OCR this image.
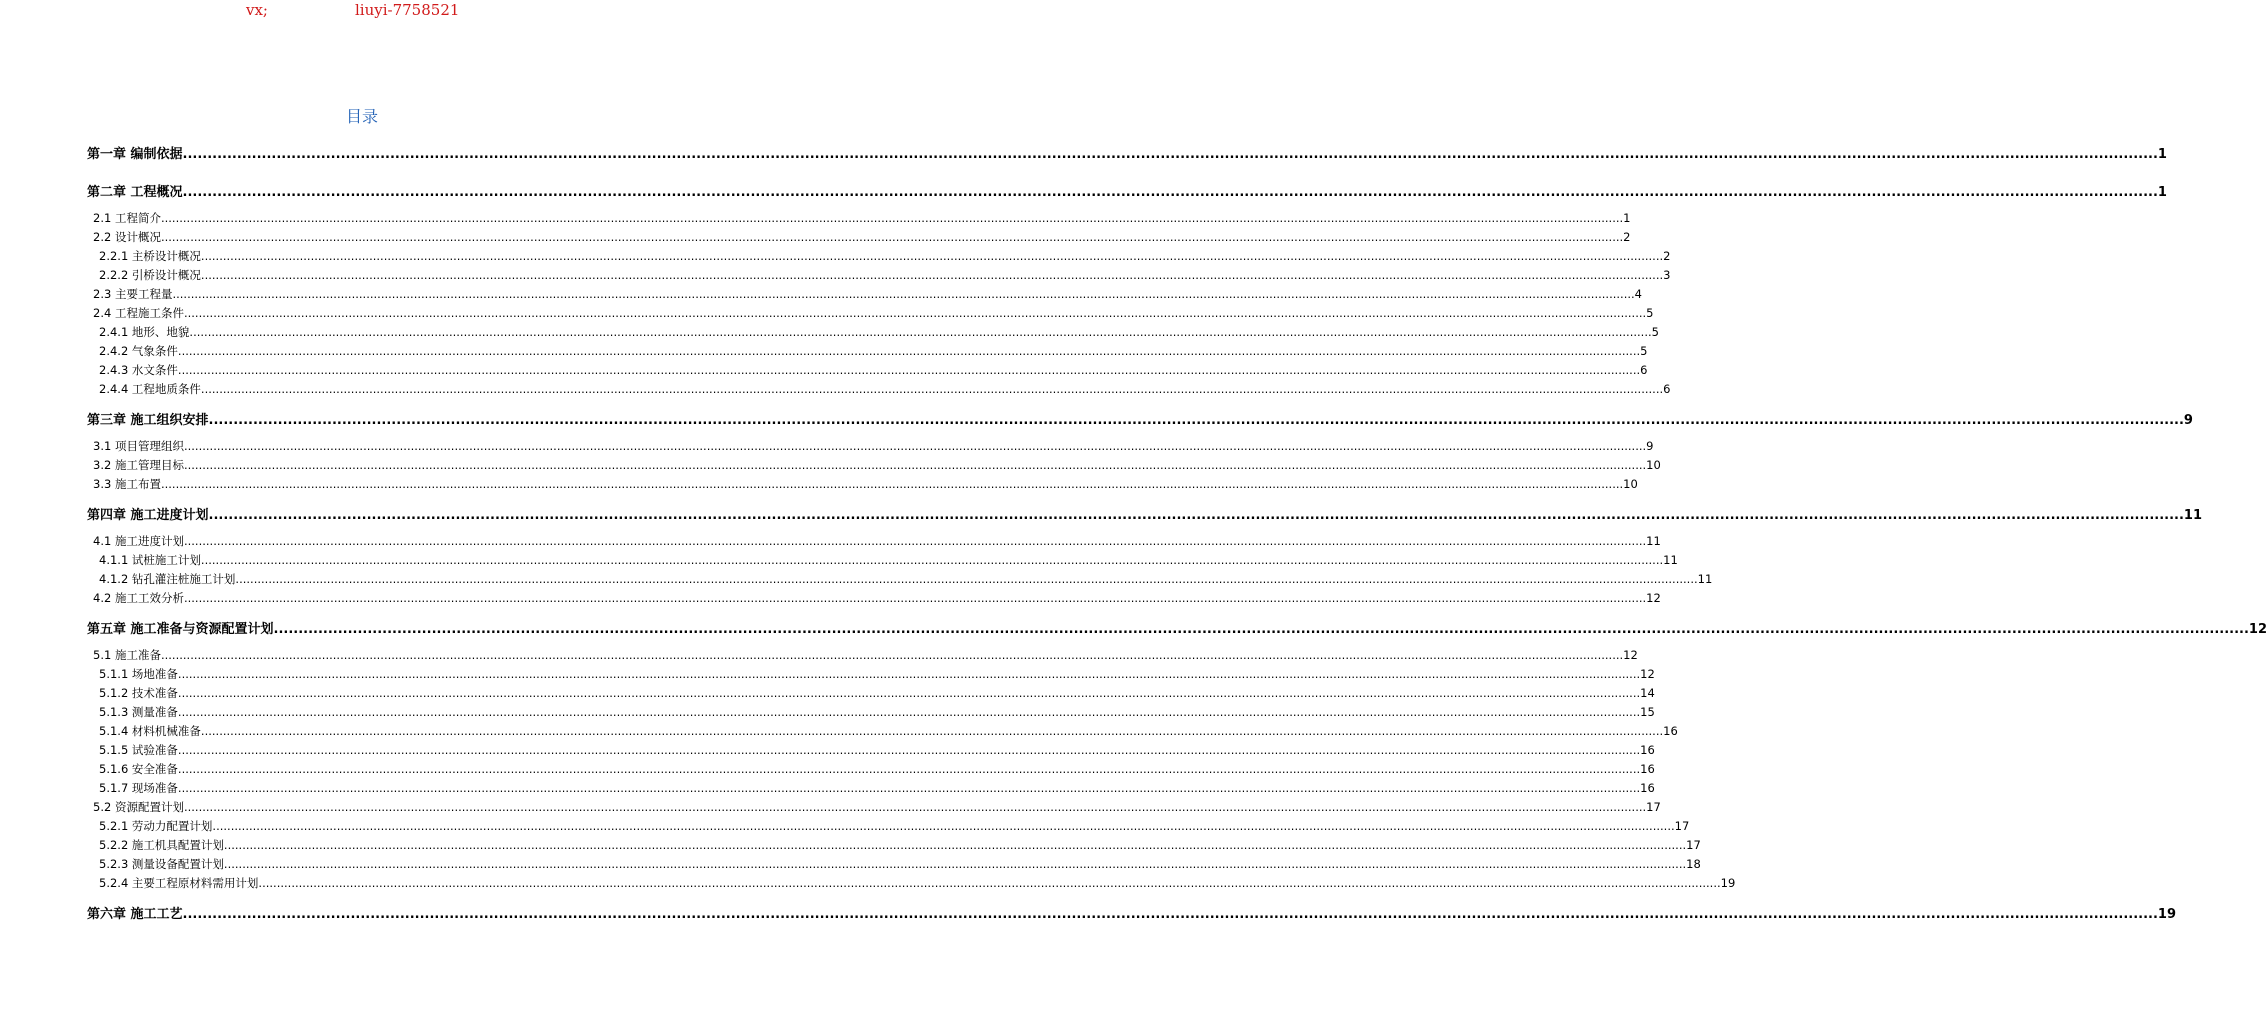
vx;	liuyi-7758521
目录
第一章 编制依据 ................................................................................................................................................................................................................................................................................................................................................................................................................ 1
第二章 工程概况 ................................................................................................................................................................................................................................................................................................................................................................................................................ 1
2.1 工程简介 ................................................................................................................................................................................................................................................................................................................................................................................................................ 1
2.2 设计概况 ................................................................................................................................................................................................................................................................................................................................................................................................................ 2
2.2.1 主桥设计概况 ................................................................................................................................................................................................................................................................................................................................................................................................................ 2
2.2.2 引桥设计概况 ................................................................................................................................................................................................................................................................................................................................................................................................................ 3
2.3 主要工程量 ................................................................................................................................................................................................................................................................................................................................................................................................................ 4
2.4 工程施工条件 ................................................................................................................................................................................................................................................................................................................................................................................................................ 5
2.4.1 地形、地貌 ................................................................................................................................................................................................................................................................................................................................................................................................................ 5
2.4.2 气象条件 ................................................................................................................................................................................................................................................................................................................................................................................................................ 5
2.4.3 水文条件 ................................................................................................................................................................................................................................................................................................................................................................................................................ 6
2.4.4 工程地质条件 ................................................................................................................................................................................................................................................................................................................................................................................................................ 6
第三章 施工组织安排 ................................................................................................................................................................................................................................................................................................................................................................................................................ 9
3.1 项目管理组织 ................................................................................................................................................................................................................................................................................................................................................................................................................ 9
3.2 施工管理目标 ................................................................................................................................................................................................................................................................................................................................................................................................................ 10
3.3 施工布置 ................................................................................................................................................................................................................................................................................................................................................................................................................ 10
第四章 施工进度计划 ................................................................................................................................................................................................................................................................................................................................................................................................................ 11
4.1 施工进度计划 ................................................................................................................................................................................................................................................................................................................................................................................................................ 11
4.1.1 试桩施工计划 ................................................................................................................................................................................................................................................................................................................................................................................................................ 11
4.1.2 钻孔灌注桩施工计划 ................................................................................................................................................................................................................................................................................................................................................................................................................ 11
4.2 施工工效分析 ................................................................................................................................................................................................................................................................................................................................................................................................................ 12
第五章 施工准备与资源配置计划 ................................................................................................................................................................................................................................................................................................................................................................................................................ 12
5.1 施工准备 ................................................................................................................................................................................................................................................................................................................................................................................................................ 12
5.1.1 场地准备 ................................................................................................................................................................................................................................................................................................................................................................................................................ 12
5.1.2 技术准备 ................................................................................................................................................................................................................................................................................................................................................................................................................ 14
5.1.3 测量准备 ................................................................................................................................................................................................................................................................................................................................................................................................................ 15
5.1.4 材料机械准备 ................................................................................................................................................................................................................................................................................................................................................................................................................ 16
5.1.5 试验准备 ................................................................................................................................................................................................................................................................................................................................................................................................................ 16
5.1.6 安全准备 ................................................................................................................................................................................................................................................................................................................................................................................................................ 16
5.1.7 现场准备 ................................................................................................................................................................................................................................................................................................................................................................................................................ 16
5.2 资源配置计划 ................................................................................................................................................................................................................................................................................................................................................................................................................ 17
5.2.1 劳动力配置计划 ................................................................................................................................................................................................................................................................................................................................................................................................................ 17
5.2.2 施工机具配置计划 ................................................................................................................................................................................................................................................................................................................................................................................................................ 17
5.2.3 测量设备配置计划 ................................................................................................................................................................................................................................................................................................................................................................................................................ 18
5.2.4 主要工程原材料需用计划 ................................................................................................................................................................................................................................................................................................................................................................................................................ 19
第六章 施工工艺 ................................................................................................................................................................................................................................................................................................................................................................................................................ 19
